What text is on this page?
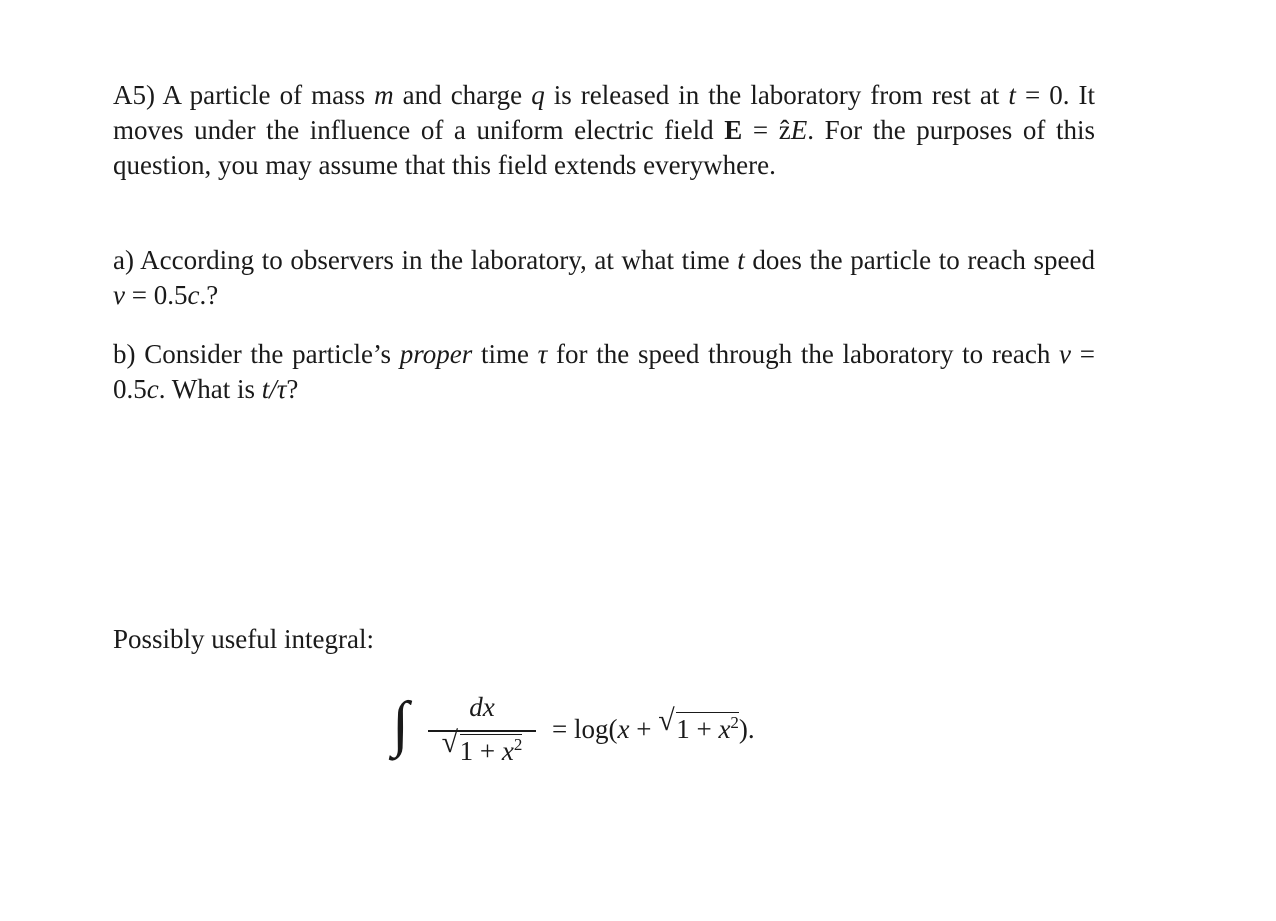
A5) A particle of mass m and charge q is released in the laboratory from rest at t = 0. It moves under the influence of a uniform electric field E = ẑE. For the purposes of this question, you may assume that this field extends everywhere.
a) According to observers in the laboratory, at what time t does the particle to reach speed v = 0.5c.?
b) Consider the particle’s proper time τ for the speed through the laboratory to reach v = 0.5c. What is t/τ?
Possibly useful integral:
∫	dx
√ $1 + x^2$
= log(x + √ $1 + x^2$).
